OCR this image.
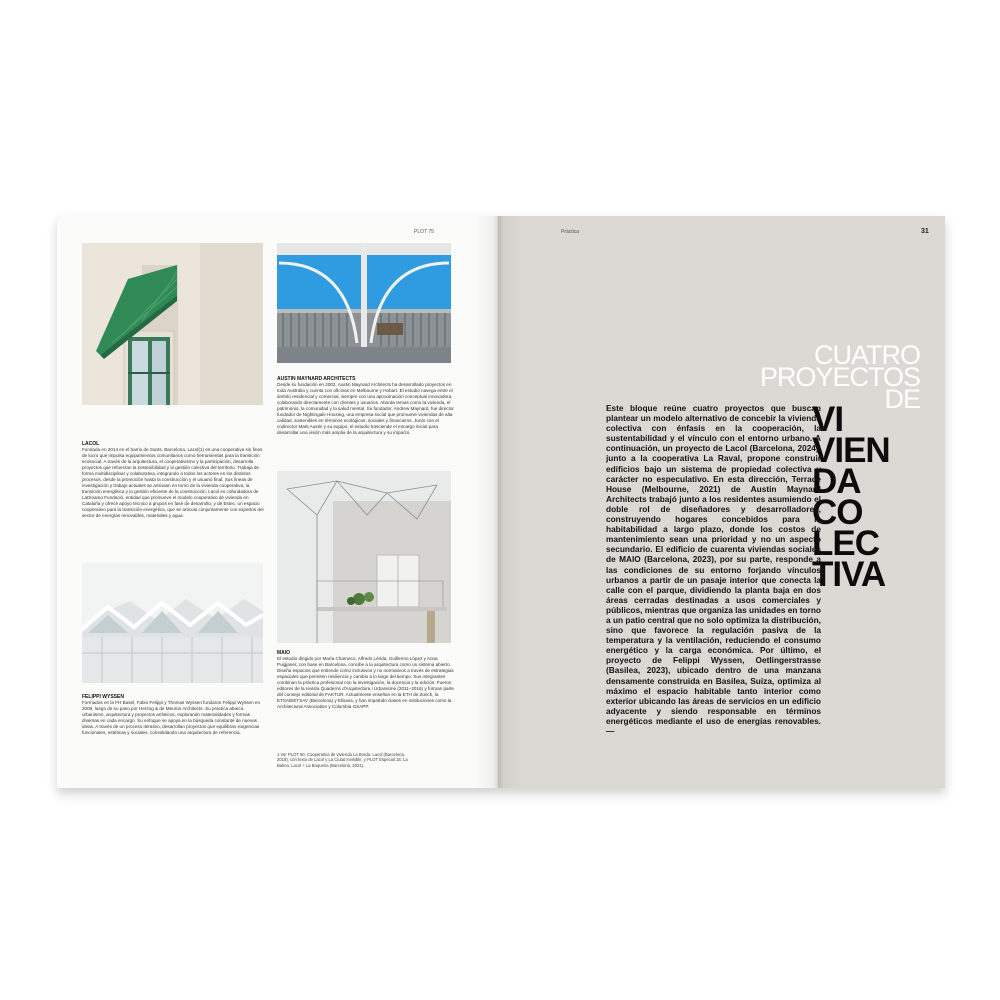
PLOT 75
AUSTIN MAYNARD ARCHITECTS
Desde su fundación en 2002, Austin Maynard Architects ha desarrollado proyectos en toda Australia y cuenta con oficinas en Melbourne y Hobart. El estudio navega entre el ámbito residencial y comercial, siempre con una aproximación conceptual innovadora, colaborando directamente con clientes y usuarios. Aborda temas como la vivienda, el patrimonio, la comunidad y la salud mental. Su fundador, Andrew Maynard, fue director fundador de Nightingale Housing, una empresa social que promueve viviendas de alta calidad, sostenibles en términos ecológicos, sociales y financieros. Junto con el codirector Mark Austin y su equipo, el estudio trasciende el encargo inicial para desarrollar una visión más amplia de la arquitectura y su impacto.
LACOL
Fundada en 2014 en el barrio de Sants, Barcelona, Lacol(1) es una cooperativa sin fines de lucro que impulsa equipamientos comunitarios como herramientas para la transición ecosocial. A través de la arquitectura, el cooperativismo y la participación, desarrolla proyectos que refuerzan la sostenibilidad y la gestión colectiva del territorio. Trabaja de forma multidisciplinar y colaborativa, integrando a todos los actores en los distintos procesos, desde la promoción hasta la construcción y el usuario final. Sus líneas de investigación y trabajo actuales se articulan en torno de la vivienda cooperativa, la transición energética y la gestión eficiente de la construcción. Lacol es cofundadora de LaDinamo Fundació, entidad que promueve el modelo cooperativo de vivienda en Cataluña y ofrece apoyo técnico a grupos en fase de desarrollo, y de Estec, un espacio cooperativo para la transición energética, que se articula conjuntamente con expertos del sector de energías renovables, materiales y agua.
MAIO
El estudio dirigido por María Charneco, Alfredo Lérida, Guillermo López y Anna Puigjaner, con base en Barcelona, concibe a la arquitectura como un sistema abierto. Diseña espacios que entiende como inclusivos y no normativos a través de estrategias espaciales que permiten resiliencia y cambio a lo largo del tiempo. Sus integrantes combinan la práctica profesional con la investigación, la docencia y la edición. Fueron editores de la revista Quaderns d'Arquitectura i Urbanisme (2011–2016) y forman parte del consejo editorial de FAKTUR. Actualmente enseñan en la ETH de Zürich, la ETSAB/ETSAV (Barcelona) y Elisava, y han impartido clases en instituciones como la Architectural Association y Columbia GSAPP.
FELIPPI WYSSEN
Formados en la FH Basel, Fabio Felippi y Thomas Wyssen fundaron Felippi Wyssen en 2009, luego de su paso por Herzog & de Meuron Architects. Su práctica abarca urbanismo, arquitectura y proyectos artísticos, explorando materialidades y formas diversas en cada encargo. Su enfoque se apoya en la búsqueda constante de nuevas ideas. A través de un proceso iterativo, desarrollan proyectos que equilibran exigencias funcionales, estéticas y sociales, consolidando una arquitectura de referencia.
1 Ver PLOT 50, Cooperativa de vivienda La Borda, Lacol (Barcelona, 2018), con texto de Lacol y La Ciutat Invisible, y PLOT Especial 18, La Balma, Lacol + La Boqueria (Barcelona, 2021).
Práctica	31
CUATRO
PROYECTOS
DE
VI
VIEN
DA
CO
LEC
TIVA
Este bloque reúne cuatro proyectos que buscan plantear un modelo alternativo de concebir la vivienda colectiva con énfasis en la cooperación, la sustentabilidad y el vínculo con el entorno urbano. A continuación, un proyecto de Lacol (Barcelona, 2024), junto a la cooperativa La Raval, propone construir edificios bajo un sistema de propiedad colectiva y carácter no especulativo. En esta dirección, Terrace House (Melbourne, 2021) de Austin Maynard Architects trabajó junto a los residentes asumiendo el doble rol de diseñadores y desarrolladores, construyendo hogares concebidos para la habitabilidad a largo plazo, donde los costos de mantenimiento sean una prioridad y no un aspecto secundario. El edificio de cuarenta viviendas sociales de MAIO (Barcelona, 2023), por su parte, responde a las condiciones de su entorno forjando vínculos urbanos a partir de un pasaje interior que conecta la calle con el parque, dividiendo la planta baja en dos áreas cerradas destinadas a usos comerciales y públicos, mientras que organiza las unidades en torno a un patio central que no solo optimiza la distribución, sino que favorece la regulación pasiva de la temperatura y la ventilación, reduciendo el consumo energético y la carga económica. Por último, el proyecto de Felippi Wyssen, Oetlingerstrasse (Basilea, 2023), ubicado dentro de una manzana densamente construida en Basilea, Suiza, optimiza al máximo el espacio habitable tanto interior como exterior ubicando las áreas de servicios en un edificio adyacente y siendo responsable en términos energéticos mediante el uso de energías renovables.—
